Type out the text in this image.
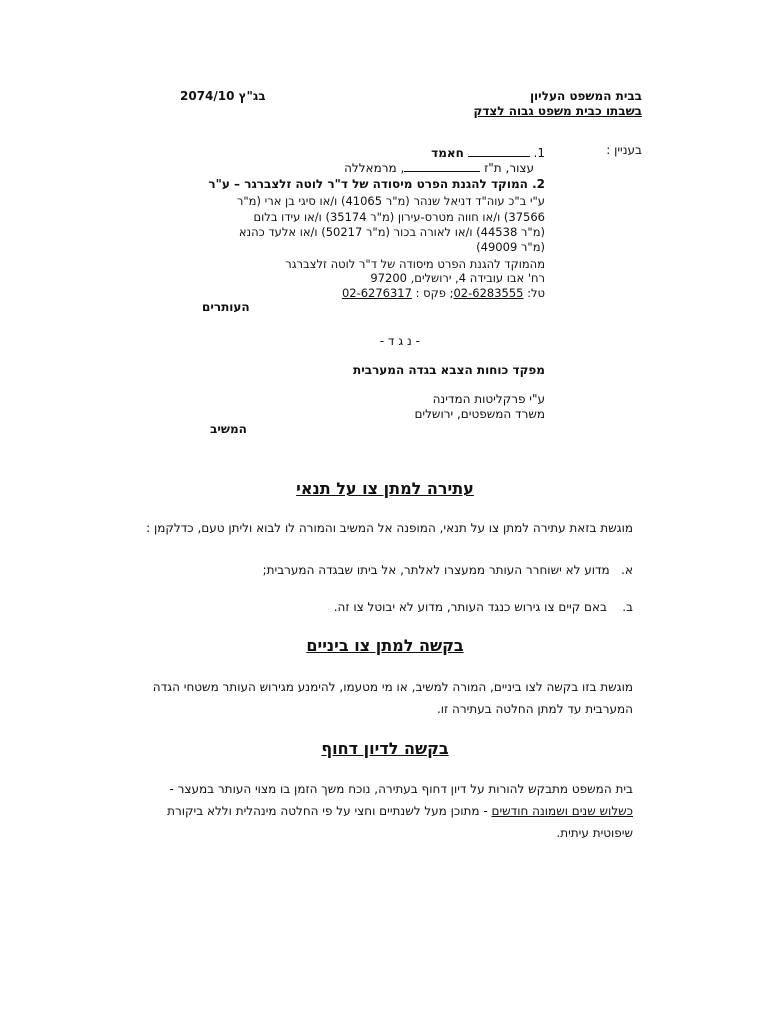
בבית המשפט העליון
בשבתו כבית משפט גבוה לצדק
בג"ץ 2074/10
בעניין :
1.  חאמד
עצור, ת"ז , מרמאללה
2. המוקד להגנת הפרט מיסודה של ד"ר לוטה זלצברגר – ע"ר
ע"י ב"כ עוה"ד דניאל שנהר (מ"ר 41065) ו/או סיגי בן ארי (מ"ר
37566) ו/או חווה מטרס-עירון (מ"ר 35174) ו/או עידו בלום
(מ"ר 44538) ו/או לאורה בכור (מ"ר 50217) ו/או אלעד כהנא
(מ"ר 49009)
מהמוקד להגנת הפרט מיסודה של ד"ר לוטה זלצברגר
רח' אבו עובידה 4, ירושלים, 97200
טל: 02-6283555; פקס : 02-6276317
העותרים
- נ ג ד -
מפקד כוחות הצבא בגדה המערבית
ע"י פרקליטות המדינה
משרד המשפטים, ירושלים
המשיב
עתירה למתן צו על תנאי
מוגשת בזאת עתירה למתן צו על תנאי, המופנה אל המשיב והמורה לו לבוא וליתן טעם, כדלקמן :
א.   מדוע לא ישוחרר העותר ממעצרו לאלתר, אל ביתו שבגדה המערבית;
ב.    באם קיים צו גירוש כנגד העותר, מדוע לא יבוטל צו זה.
בקשה למתן צו ביניים
מוגשת בזו בקשה לצו ביניים, המורה למשיב, או מי מטעמו, להימנע מגירוש העותר משטחי הגדה
המערבית עד למתן החלטה בעתירה זו.
בקשה לדיון דחוף
בית המשפט מתבקש להורות על דיון דחוף בעתירה, נוכח משך הזמן בו מצוי העותר במעצר -
כשלוש שנים ושמונה חודשים - מתוכן מעל לשנתיים וחצי על פי החלטה מינהלית וללא ביקורת
שיפוטית עיתית.
